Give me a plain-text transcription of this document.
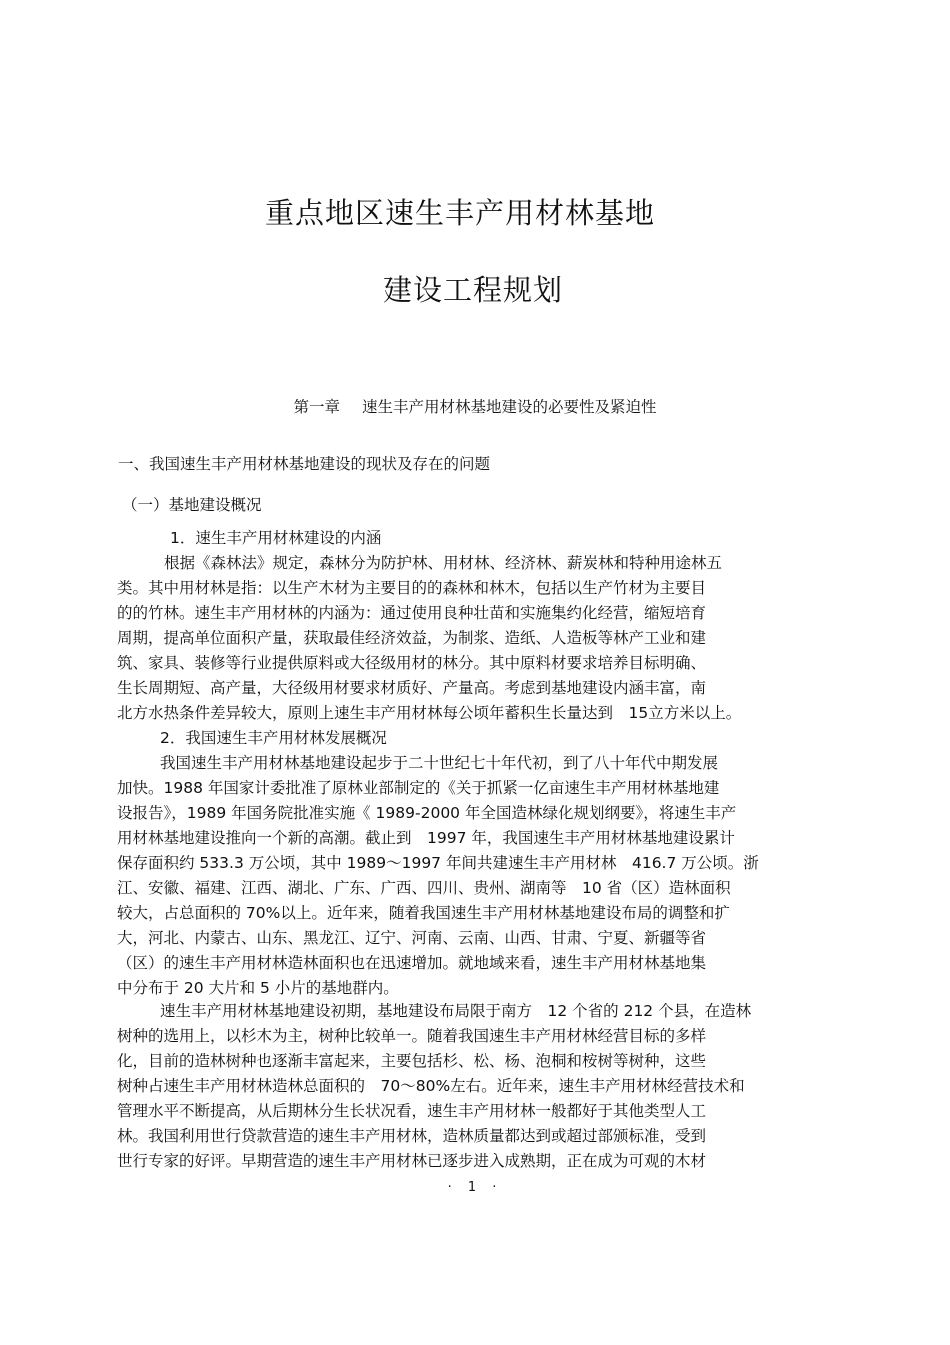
重点地区速生丰产用材林基地
建设工程规划
第一章 速生丰产用材林基地建设的必要性及紧迫性
一、我国速生丰产用材林基地建设的现状及存在的问题
（一）基地建设概况
1．速生丰产用材林建设的内涵
根据《森林法》规定，森林分为防护林、用材林、经济林、薪炭林和特种用途林五
类。其中用材林是指：以生产木材为主要目的的森林和林木，包括以生产竹材为主要目
的的竹林。速生丰产用材林的内涵为：通过使用良种壮苗和实施集约化经营，缩短培育
周期，提高单位面积产量，获取最佳经济效益，为制浆、造纸、人造板等林产工业和建
筑、家具、装修等行业提供原料或大径级用材的林分。其中原料材要求培养目标明确、
生长周期短、高产量，大径级用材要求材质好、产量高。考虑到基地建设内涵丰富，南
北方水热条件差异较大，原则上速生丰产用材林每公顷年蓄积生长量达到　15立方米以上。
2．我国速生丰产用材林发展概况
我国速生丰产用材林基地建设起步于二十世纪七十年代初，到了八十年代中期发展
加快。1988 年国家计委批准了原林业部制定的《关于抓紧一亿亩速生丰产用材林基地建
设报告》，1989 年国务院批准实施《 1989-2000 年全国造林绿化规划纲要》，将速生丰产
用材林基地建设推向一个新的高潮。截止到　1997 年，我国速生丰产用材林基地建设累计
保存面积约 533.3 万公顷，其中 1989～1997 年间共建速生丰产用材林　416.7 万公顷。浙
江、安徽、福建、江西、湖北、广东、广西、四川、贵州、湖南等　10 省（区）造林面积
较大，占总面积的 70%以上。近年来，随着我国速生丰产用材林基地建设布局的调整和扩
大，河北、内蒙古、山东、黑龙江、辽宁、河南、云南、山西、甘肃、宁夏、新疆等省
（区）的速生丰产用材林造林面积也在迅速增加。就地域来看，速生丰产用材林基地集
中分布于 20 大片和 5 小片的基地群内。
速生丰产用材林基地建设初期，基地建设布局限于南方　12 个省的 212 个县，在造林
树种的选用上，以杉木为主，树种比较单一。随着我国速生丰产用材林经营目标的多样
化，目前的造林树种也逐渐丰富起来，主要包括杉、松、杨、泡桐和桉树等树种，这些
树种占速生丰产用材林造林总面积的　70～80%左右。近年来，速生丰产用材林经营技术和
管理水平不断提高，从后期林分生长状况看，速生丰产用材林一般都好于其他类型人工
林。我国利用世行贷款营造的速生丰产用材林，造林质量都达到或超过部颁标准，受到
世行专家的好评。早期营造的速生丰产用材林已逐步进入成熟期，正在成为可观的木材
· 1 ·
